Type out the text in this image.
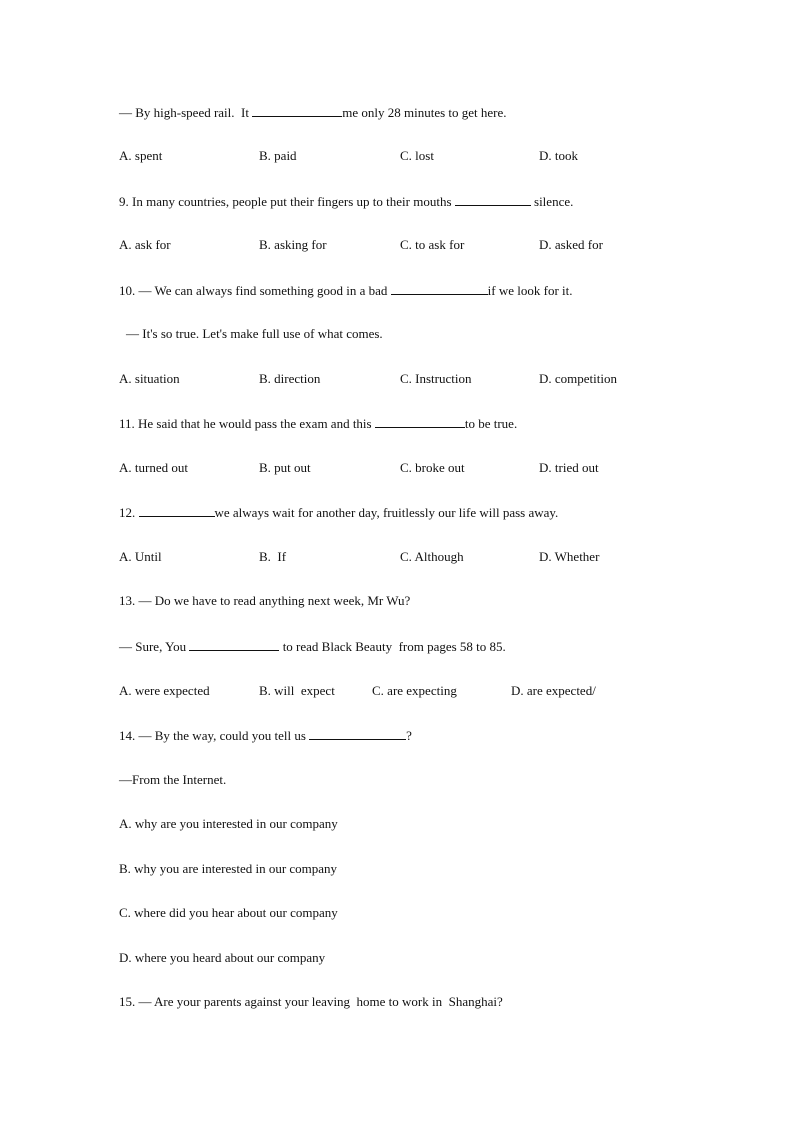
— By high-speed rail.  It	me only 28 minutes to get here.
A. spent	B. paid	C. lost	D. took
9. In many countries, people put their fingers up to their mouths	silence.
A. ask for	B. asking for	C. to ask for	D. asked for
10. — We can always find something good in a bad	if we look for it.
— It's so true. Let's make full use of what comes.
A. situation	B. direction	C. Instruction	D. competition
11. He said that he would pass the exam and this	to be true.
A. turned out	B. put out	C. broke out	D. tried out
12.	we always wait for another day, fruitlessly our life will pass away.
A. Until	B.  If	C. Although	D. Whether
13. — Do we have to read anything next week, Mr Wu?
— Sure, You	to read Black Beauty  from pages 58 to 85.
A. were expected	B. will  expect	C. are expecting	D. are expected/
14. — By the way, could you tell us	?
—From the Internet.
A. why are you interested in our company
B. why you are interested in our company
C. where did you hear about our company
D. where you heard about our company
15. — Are your parents against your leaving  home to work in  Shanghai?
